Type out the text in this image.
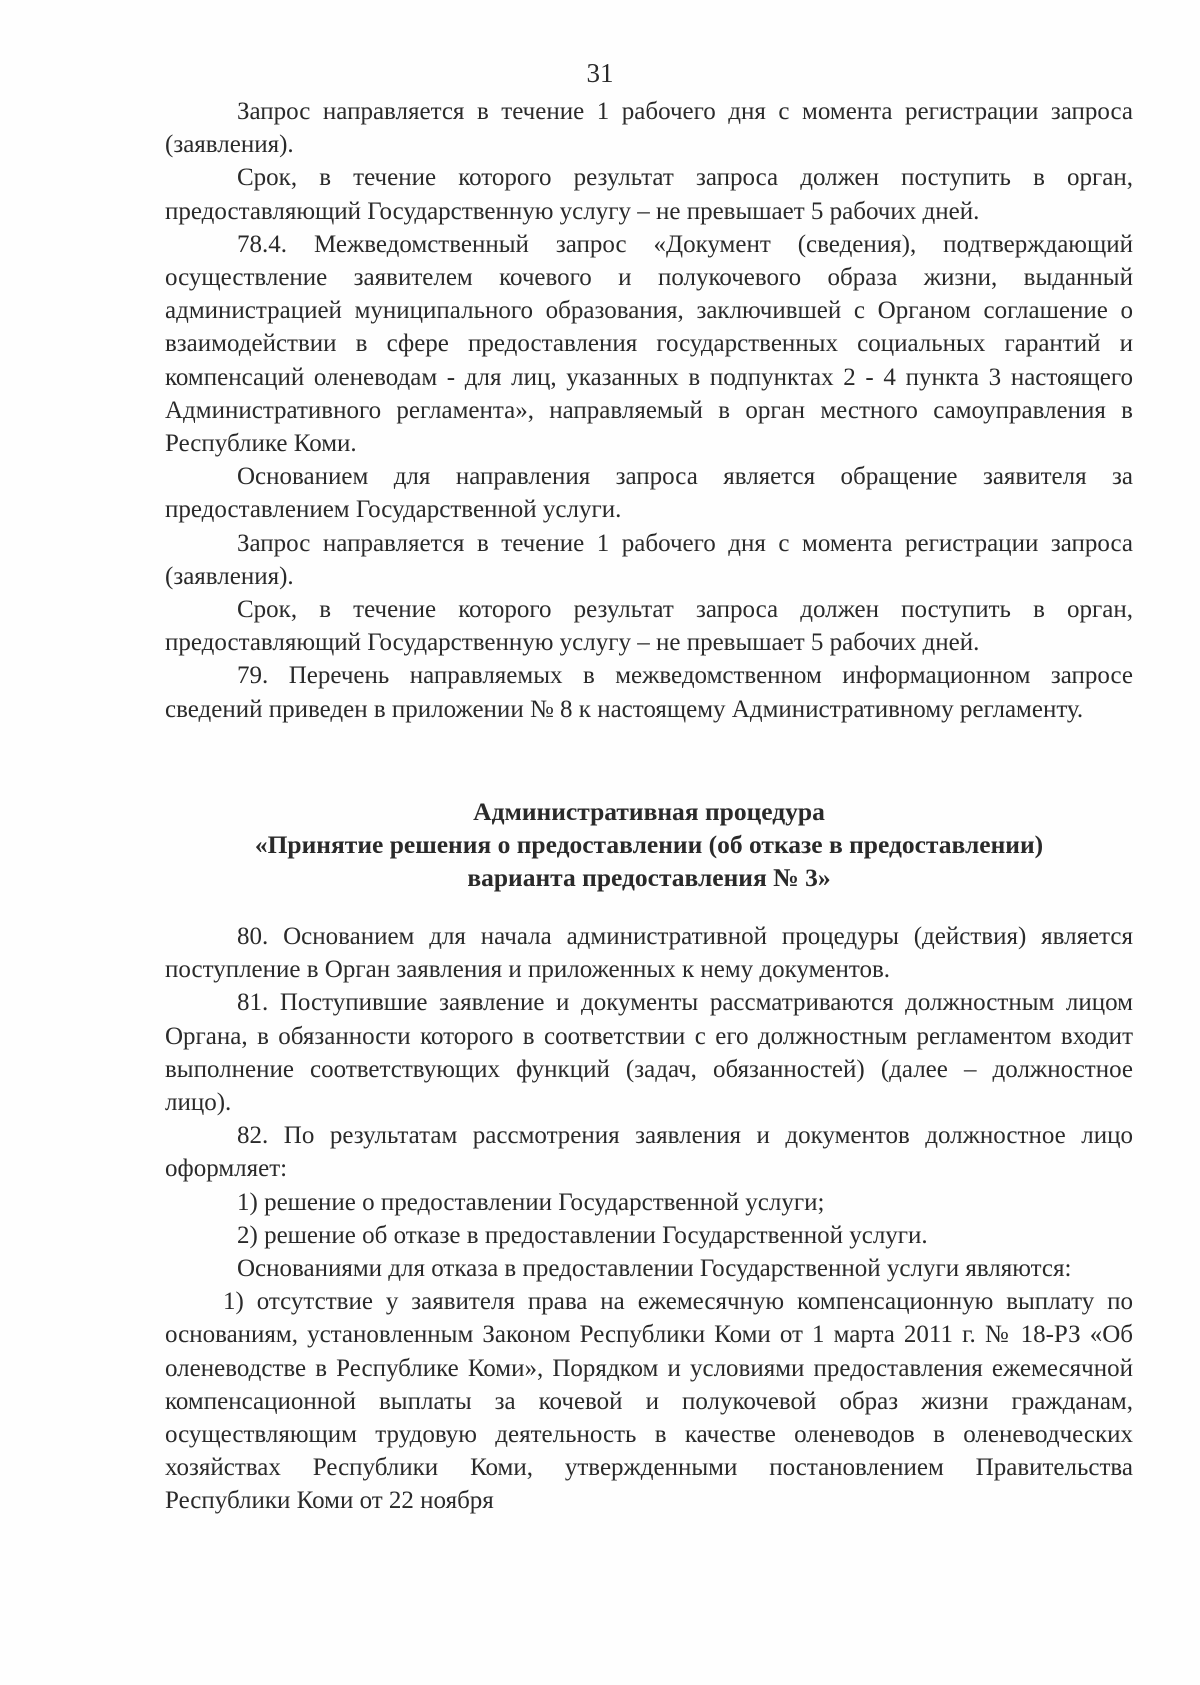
31

Запрос направляется в течение 1 рабочего дня с момента регистрации запроса (заявления).

Срок, в течение которого результат запроса должен поступить в орган, предоставляющий Государственную услугу – не превышает 5 рабочих дней.

78.4. Межведомственный запрос «Документ (сведения), подтверждающий осуществление заявителем кочевого и полукочевого образа жизни, выданный администрацией муниципального образования, заключившей с Органом соглашение о взаимодействии в сфере предоставления государственных социальных гарантий и компенсаций оленеводам - для лиц, указанных в подпунктах 2 - 4 пункта 3 настоящего Административного регламента», направляемый в орган местного самоуправления в Республике Коми.

Основанием для направления запроса является обращение заявителя за предоставлением Государственной услуги.

Запрос направляется в течение 1 рабочего дня с момента регистрации запроса (заявления).

Срок, в течение которого результат запроса должен поступить в орган, предоставляющий Государственную услугу – не превышает 5 рабочих дней.

79. Перечень направляемых в межведомственном информационном запросе сведений приведен в приложении № 8 к настоящему Административному регламенту.

Административная процедура
«Принятие решения о предоставлении (об отказе в предоставлении)
варианта предоставления № 3»

80. Основанием для начала административной процедуры (действия) является поступление в Орган заявления и приложенных к нему документов.

81. Поступившие заявление и документы рассматриваются должностным лицом Органа, в обязанности которого в соответствии с его должностным регламентом входит выполнение соответствующих функций (задач, обязанностей) (далее – должностное лицо).

82. По результатам рассмотрения заявления и документов должностное лицо оформляет:

1) решение о предоставлении Государственной услуги;

2) решение об отказе в предоставлении Государственной услуги.

Основаниями для отказа в предоставлении Государственной услуги являются:

1) отсутствие у заявителя права на ежемесячную компенсационную выплату по основаниям, установленным Законом Республики Коми от 1 марта 2011 г. № 18-РЗ «Об оленеводстве в Республике Коми», Порядком и условиями предоставления ежемесячной компенсационной выплаты за кочевой и полукочевой образ жизни гражданам, осуществляющим трудовую деятельность в качестве оленеводов в оленеводческих хозяйствах Республики Коми, утвержденными постановлением Правительства Республики Коми от 22 ноября
